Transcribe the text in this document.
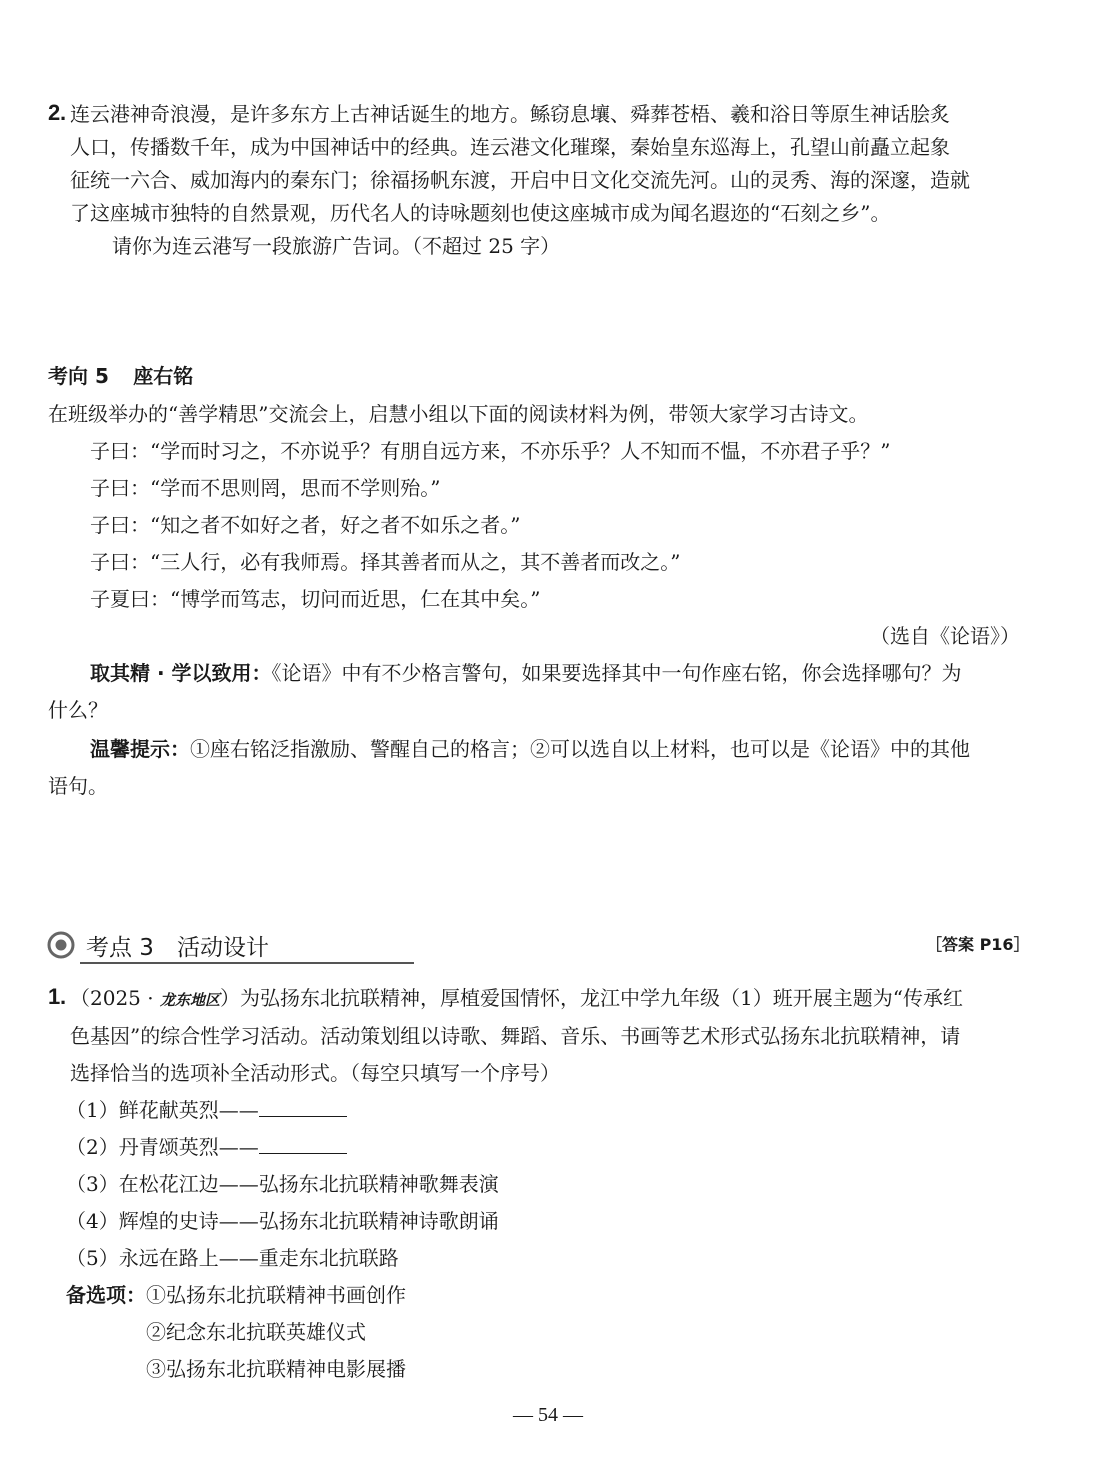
2 . 连云港神奇浪漫，是许多东方上古神话诞生的地方。鲧窃息壤、舜葬苍梧、羲和浴日等原生神话脍炙
人口，传播数千年，成为中国神话中的经典。连云港文化璀璨，秦始皇东巡海上，孔望山前矗立起象
征统一六合、威加海内的秦东门；徐福扬帆东渡，开启中日文化交流先河。山的灵秀、海的深邃，造就
了这座城市独特的自然景观，历代名人的诗咏题刻也使这座城市成为闻名遐迩的“石刻之乡”。
请你为连云港写一段旅游广告词。（不超过 25 字）
考向 5 座右铭
在班级举办的“善学精思”交流会上，启慧小组以下面的阅读材料为例，带领大家学习古诗文。
子曰：“学而时习之，不亦说乎？有朋自远方来，不亦乐乎？人不知而不愠，不亦君子乎？”
子曰：“学而不思则罔，思而不学则殆。”
子曰：“知之者不如好之者，好之者不如乐之者。”
子曰：“三人行，必有我师焉。择其善者而从之，其不善者而改之。”
子夏曰：“博学而笃志，切问而近思，仁在其中矣。”
（选自《论语》）
取其精 · 学以致用：《论语》中有不少格言警句，如果要选择其中一句作座右铭，你会选择哪句？为
什么？
温馨提示：①座右铭泛指激励、警醒自己的格言；②可以选自以上材料，也可以是《论语》中的其他
语句。
考点 3　活动设计	［答案 P16］
1 . （2025 · 龙东地区）为弘扬东北抗联精神，厚植爱国情怀，龙江中学九年级（1）班开展主题为“传承红
色基因”的综合性学习活动。活动策划组以诗歌、舞蹈、音乐、书画等艺术形式弘扬东北抗联精神，请
选择恰当的选项补全活动形式。（每空只填写一个序号）
（1）鲜花献英烈——
（2）丹青颂英烈——
（3）在松花江边——弘扬东北抗联精神歌舞表演
（4）辉煌的史诗——弘扬东北抗联精神诗歌朗诵
（5）永远在路上——重走东北抗联路
备选项：①弘扬东北抗联精神书画创作
②纪念东北抗联英雄仪式
③弘扬东北抗联精神电影展播
— 54 —
